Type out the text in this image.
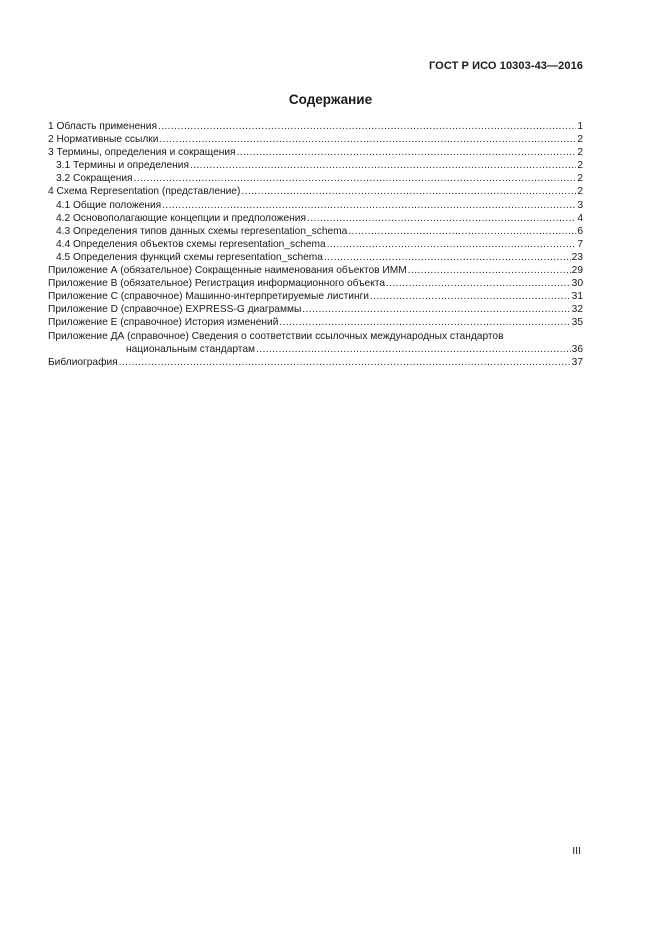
ГОСТ Р ИСО 10303-43—2016
Содержание
1 Область применения .....	1
2 Нормативные ссылки .....	2
3 Термины, определения и сокращения .....	2
3.1 Термины и определения .....	2
3.2 Сокращения .....	2
4 Схема Representation (представление) .....	2
4.1 Общие положения .....	3
4.2 Основополагающие концепции и предположения .....	4
4.3 Определения типов данных схемы representation_schema .....	6
4.4 Определения объектов схемы representation_schema .....	7
4.5 Определения функций схемы representation_schema .....	23
Приложение А (обязательное) Сокращенные наименования объектов ИММ .....	29
Приложение В (обязательное) Регистрация информационного объекта .....	30
Приложение С (справочное) Машинно-интерпретируемые листинги .....	31
Приложение D (справочное) EXPRESS-G диаграммы .....	32
Приложение Е (справочное) История изменений .....	35
Приложение ДА (справочное) Сведения о соответствии ссылочных международных стандартов
национальным стандартам .....	36
Библиография .....	37
III
